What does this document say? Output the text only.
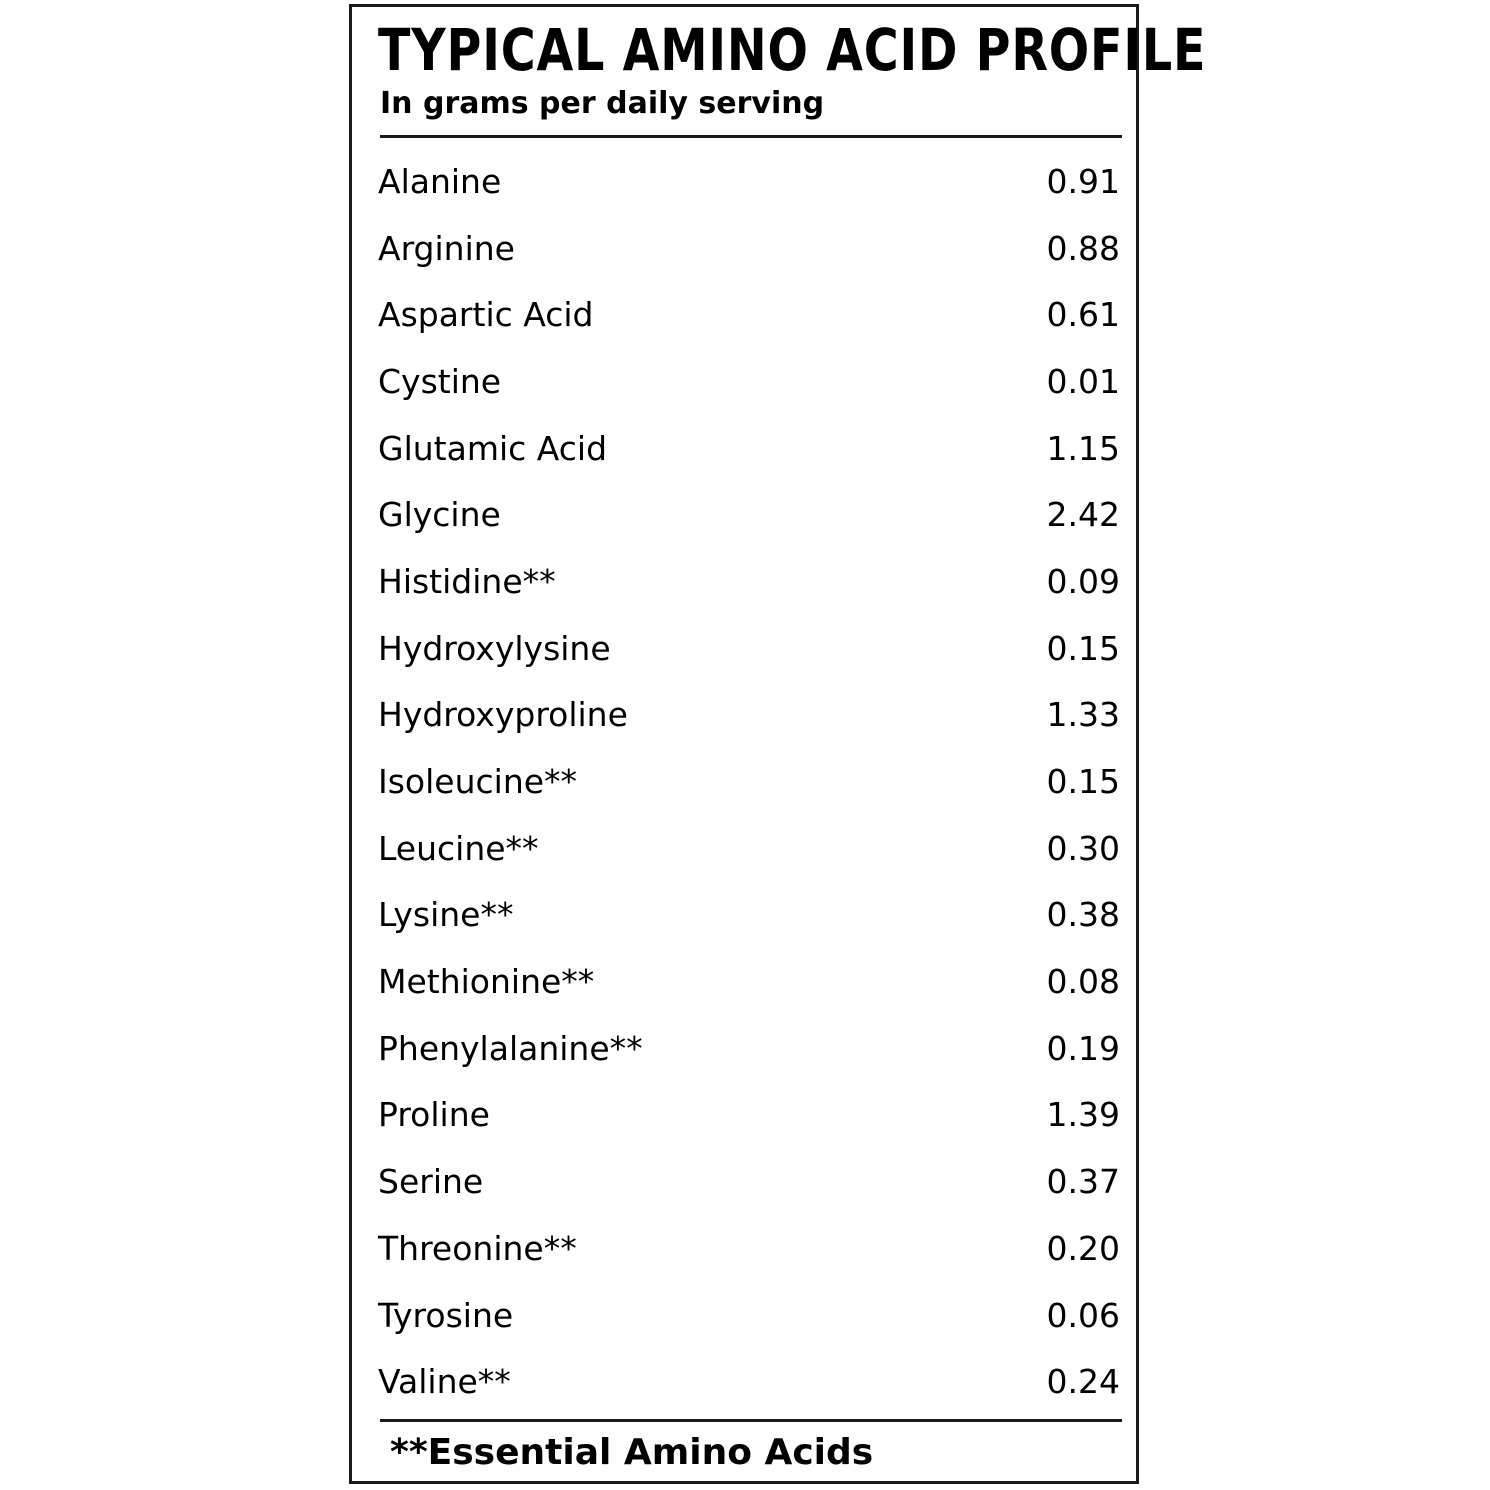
TYPICAL AMINO ACID PROFILE
In grams per daily serving
Alanine	0.91
Arginine	0.88
Aspartic Acid	0.61
Cystine	0.01
Glutamic Acid	1.15
Glycine	2.42
Histidine**	0.09
Hydroxylysine	0.15
Hydroxyproline	1.33
Isoleucine**	0.15
Leucine**	0.30
Lysine**	0.38
Methionine**	0.08
Phenylalanine**	0.19
Proline	1.39
Serine	0.37
Threonine**	0.20
Tyrosine	0.06
Valine**	0.24
**Essential Amino Acids
